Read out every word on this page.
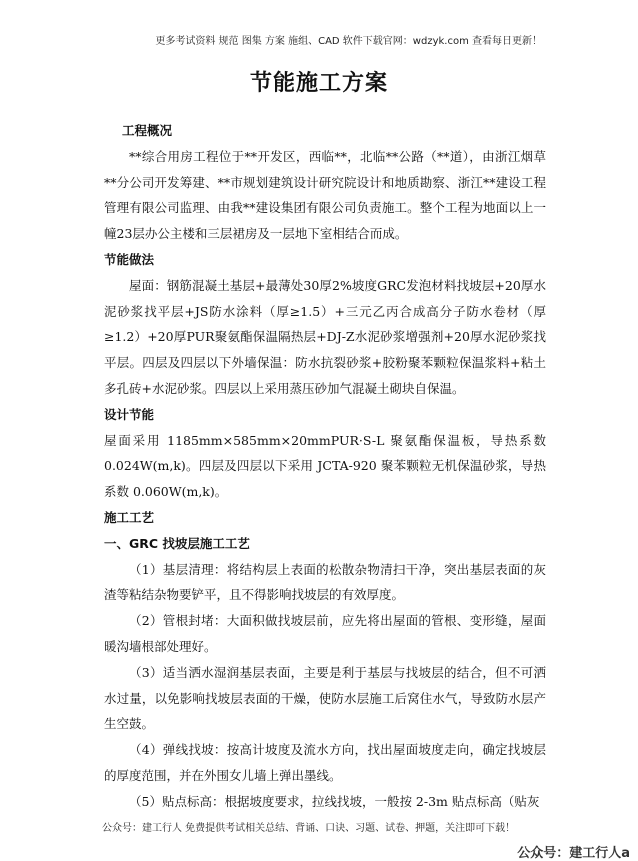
更多考试资料 规范 图集 方案 施组、CAD 软件下载官网：wdzyk.com 查看每日更新！
节能施工方案
工程概况

**综合用房工程位于**开发区，西临**，北临**公路（**道），由浙江烟草**分公司开发筹建、**市规划建筑设计研究院设计和地质勘察、浙江**建设工程管理有限公司监理、由我**建设集团有限公司负责施工。整个工程为地面以上一幢23层办公主楼和三层裙房及一层地下室相结合而成。

节能做法

屋面：钢筋混凝土基层+最薄处30厚2%坡度GRC发泡材料找坡层+20厚水泥砂浆找平层+JS防水涂料（厚≥1.5）+三元乙丙合成高分子防水卷材（厚≥1.2）+20厚PUR聚氨酯保温隔热层+DJ-Z水泥砂浆增强剂+20厚水泥砂浆找平层。四层及四层以下外墙保温：防水抗裂砂浆+胶粉聚苯颗粒保温浆料+粘土多孔砖+水泥砂浆。四层以上采用蒸压砂加气混凝土砌块自保温。

设计节能

屋面采用 1185mm×585mm×20mmPUR·S-L 聚氨酯保温板，导热系数0.024W(m,k)。四层及四层以下采用 JCTA-920 聚苯颗粒无机保温砂浆，导热系数 0.060W(m,k)。

施工工艺
一、GRC 找坡层施工工艺

（1）基层清理：将结构层上表面的松散杂物清扫干净，突出基层表面的灰渣等粘结杂物要铲平，且不得影响找坡层的有效厚度。

（2）管根封堵：大面积做找坡层前，应先将出屋面的管根、变形缝，屋面暖沟墙根部处理好。

（3）适当洒水湿润基层表面，主要是利于基层与找坡层的结合，但不可洒水过量，以免影响找坡层表面的干燥，使防水层施工后窝住水气，导致防水层产生空鼓。

（4）弹线找坡：按高计坡度及流水方向，找出屋面坡度走向，确定找坡层的厚度范围，并在外围女儿墙上弹出墨线。

（5）贴点标高：根据坡度要求，拉线找坡，一般按 2-3m 贴点标高（贴灰

公众号：建工行人 免费提供考试相关总结、背诵、口诀、习题、试卷、押题，关注即可下载！
公众号：建工行人a
